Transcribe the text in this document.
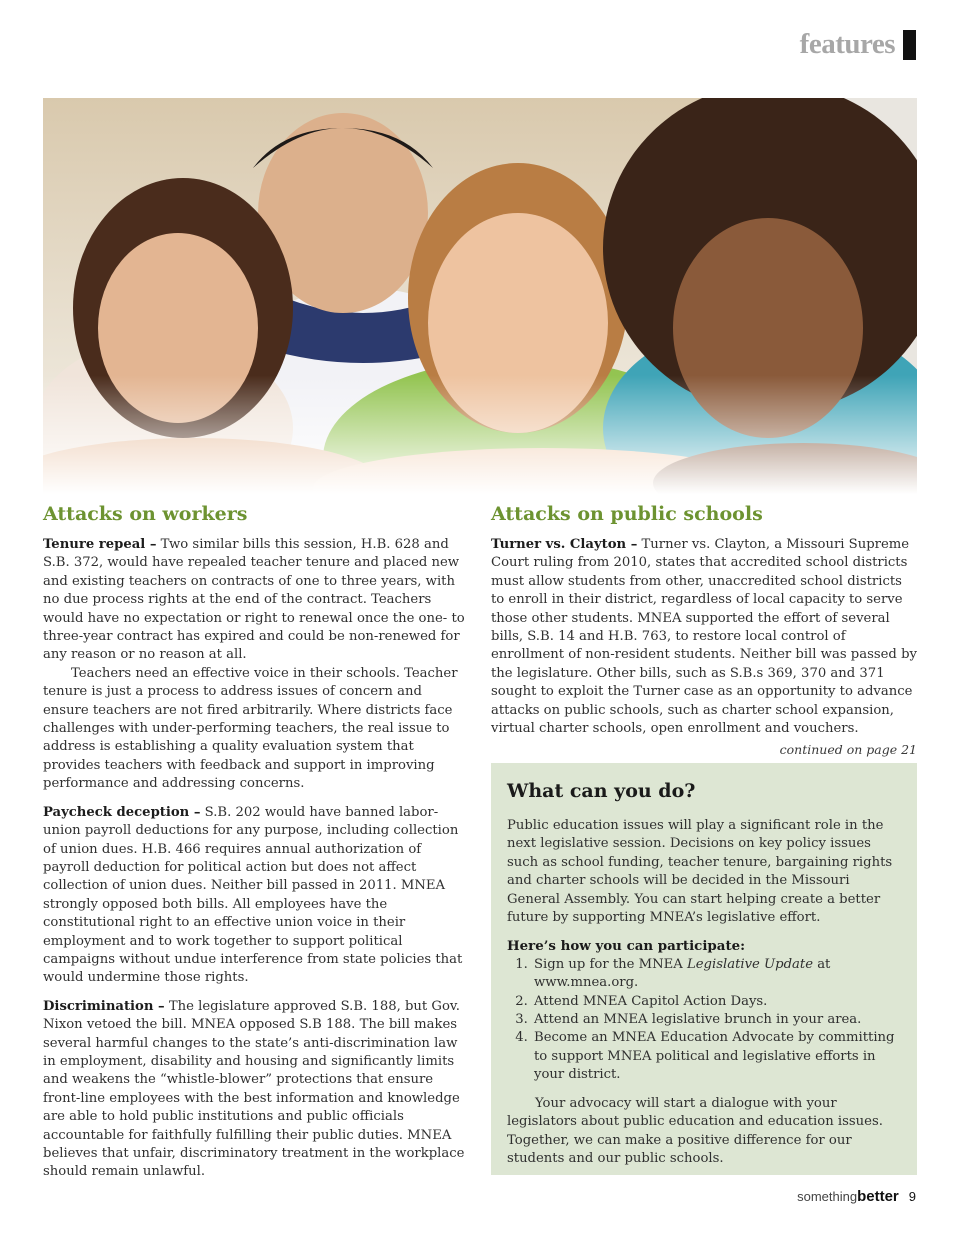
features
Attacks on workers

Tenure repeal – Two similar bills this session, H.B. 628 and S.B. 372, would have repealed teacher tenure and placed new and existing teachers on contracts of one to three years, with no due process rights at the end of the contract. Teachers would have no expectation or right to renewal once the one- to three-year contract has expired and could be non-renewed for any reason or no reason at all.

Teachers need an effective voice in their schools. Teacher tenure is just a process to address issues of concern and ensure teachers are not fired arbitrarily. Where districts face challenges with under-performing teachers, the real issue to address is establishing a quality evaluation system that provides teachers with feedback and support in improving performance and addressing concerns.

Paycheck deception – S.B. 202 would have banned labor-union payroll deductions for any purpose, including collection of union dues. H.B. 466 requires annual authorization of payroll deduction for political action but does not affect collection of union dues. Neither bill passed in 2011. MNEA strongly opposed both bills. All employees have the constitutional right to an effective union voice in their employment and to work together to support political campaigns without undue interference from state policies that would undermine those rights.

Discrimination – The legislature approved S.B. 188, but Gov. Nixon vetoed the bill. MNEA opposed S.B 188. The bill makes several harmful changes to the state’s anti-discrimination law in employment, disability and housing and significantly limits and weakens the “whistle-blower” protections that ensure front-line employees with the best information and knowledge are able to hold public institutions and public officials accountable for faithfully fulfilling their public duties. MNEA believes that unfair, discriminatory treatment in the workplace should remain unlawful.

Attacks on public schools

Turner vs. Clayton – Turner vs. Clayton, a Missouri Supreme Court ruling from 2010, states that accredited school districts must allow students from other, unaccredited school districts to enroll in their district, regardless of local capacity to serve those other students. MNEA supported the effort of several bills, S.B. 14 and H.B. 763, to restore local control of enrollment of non-resident students. Neither bill was passed by the legislature. Other bills, such as S.B.s 369, 370 and 371 sought to exploit the Turner case as an opportunity to advance attacks on public schools, such as charter school expansion, virtual charter schools, open enrollment and vouchers.

continued on page 21
What can you do?

Public education issues will play a significant role in the next legislative session. Decisions on key policy issues such as school funding, teacher tenure, bargaining rights and charter schools will be decided in the Missouri General Assembly. You can start helping create a better future by supporting MNEA’s legislative effort.

Here’s how you can participate:
1. Sign up for the MNEA Legislative Update at www.mnea.org.
2. Attend MNEA Capitol Action Days.
3. Attend an MNEA legislative brunch in your area.
4. Become an MNEA Education Advocate by committing to support MNEA political and legislative efforts in your district.

Your advocacy will start a dialogue with your legislators about public education and education issues. Together, we can make a positive difference for our students and our public schools.

somethingbetter 9
